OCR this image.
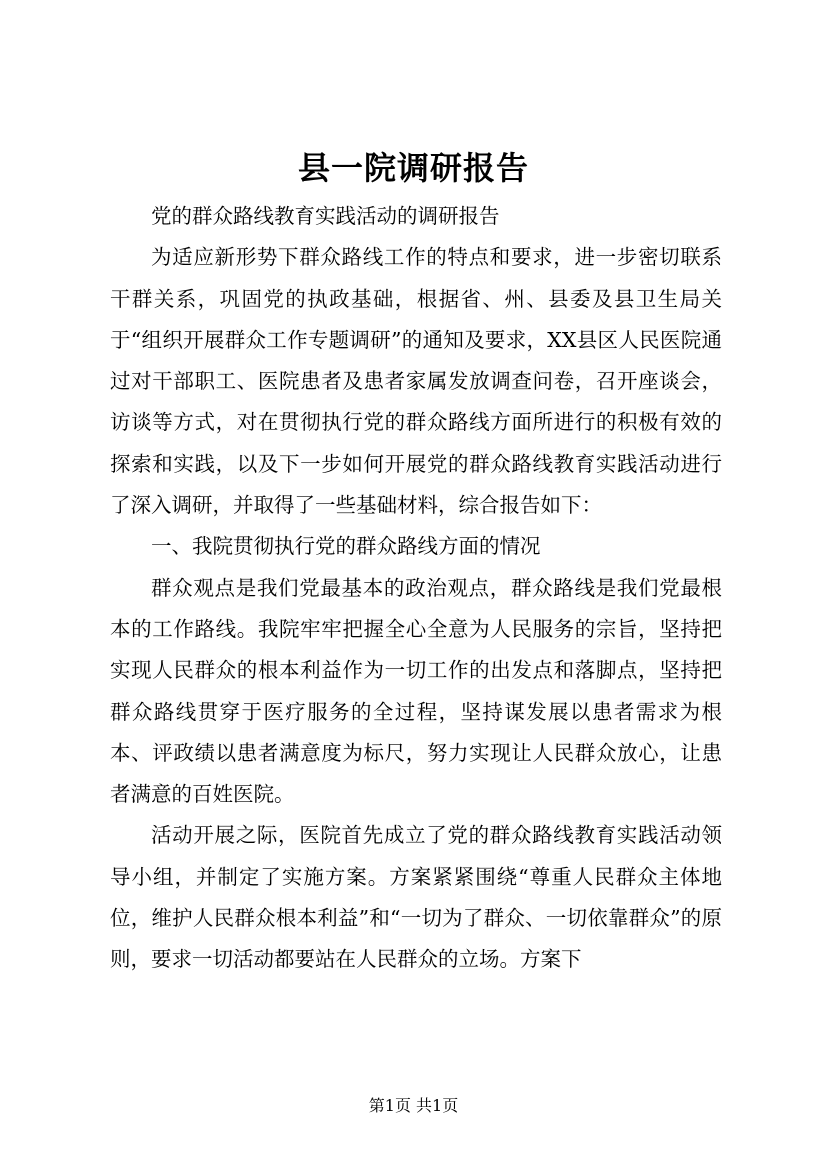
县一院调研报告

党的群众路线教育实践活动的调研报告

为适应新形势下群众路线工作的特点和要求，进一步密切联系干群关系，巩固党的执政基础，根据省、州、县委及县卫生局关于“组织开展群众工作专题调研”的通知及要求，XX县区人民医院通过对干部职工、医院患者及患者家属发放调查问卷，召开座谈会，访谈等方式，对在贯彻执行党的群众路线方面所进行的积极有效的探索和实践，以及下一步如何开展党的群众路线教育实践活动进行了深入调研，并取得了一些基础材料，综合报告如下：

一、我院贯彻执行党的群众路线方面的情况

群众观点是我们党最基本的政治观点，群众路线是我们党最根本的工作路线。我院牢牢把握全心全意为人民服务的宗旨，坚持把实现人民群众的根本利益作为一切工作的出发点和落脚点，坚持把群众路线贯穿于医疗服务的全过程，坚持谋发展以患者需求为根本、评政绩以患者满意度为标尺，努力实现让人民群众放心，让患者满意的百姓医院。

活动开展之际，医院首先成立了党的群众路线教育实践活动领导小组，并制定了实施方案。方案紧紧围绕“尊重人民群众主体地位，维护人民群众根本利益”和“一切为了群众、一切依靠群众”的原则，要求一切活动都要站在人民群众的立场。方案下

第1页 共1页
